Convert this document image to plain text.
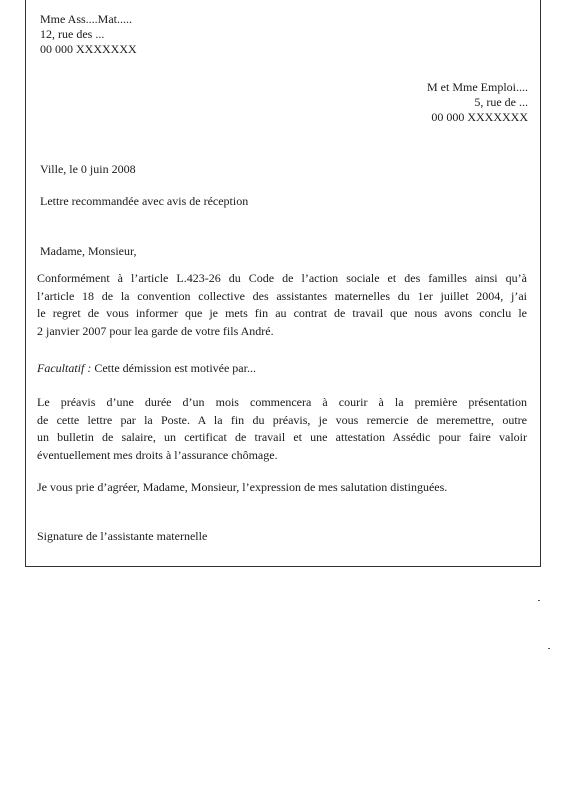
Mme Ass....Mat.....
12, rue des ...
00 000 XXXXXXX
M et Mme Emploi....
5, rue de ...
00 000 XXXXXXX
Ville, le 0 juin 2008
Lettre recommandée avec avis de réception
Madame, Monsieur,
Conformément à l’article L.423-26 du Code de l’action sociale et des familles ainsi qu’à
l’article 18 de la convention collective des assistantes maternelles du 1er juillet 2004, j’ai
le regret de vous informer que je mets fin au contrat de travail que nous avons conclu le
2 janvier 2007 pour lea garde de votre fils André.
Facultatif : Cette démission est motivée par...
Le préavis d’une durée d’un mois commencera à courir à la première présentation
de cette lettre par la Poste. A la fin du préavis, je vous remercie de meremettre, outre
un bulletin de salaire, un certificat de travail et une attestation Assédic pour faire valoir
éventuellement mes droits à l’assurance chômage.
Je vous prie d’agréer, Madame, Monsieur, l’expression de mes salutation distinguées.
Signature de l’assistante maternelle
